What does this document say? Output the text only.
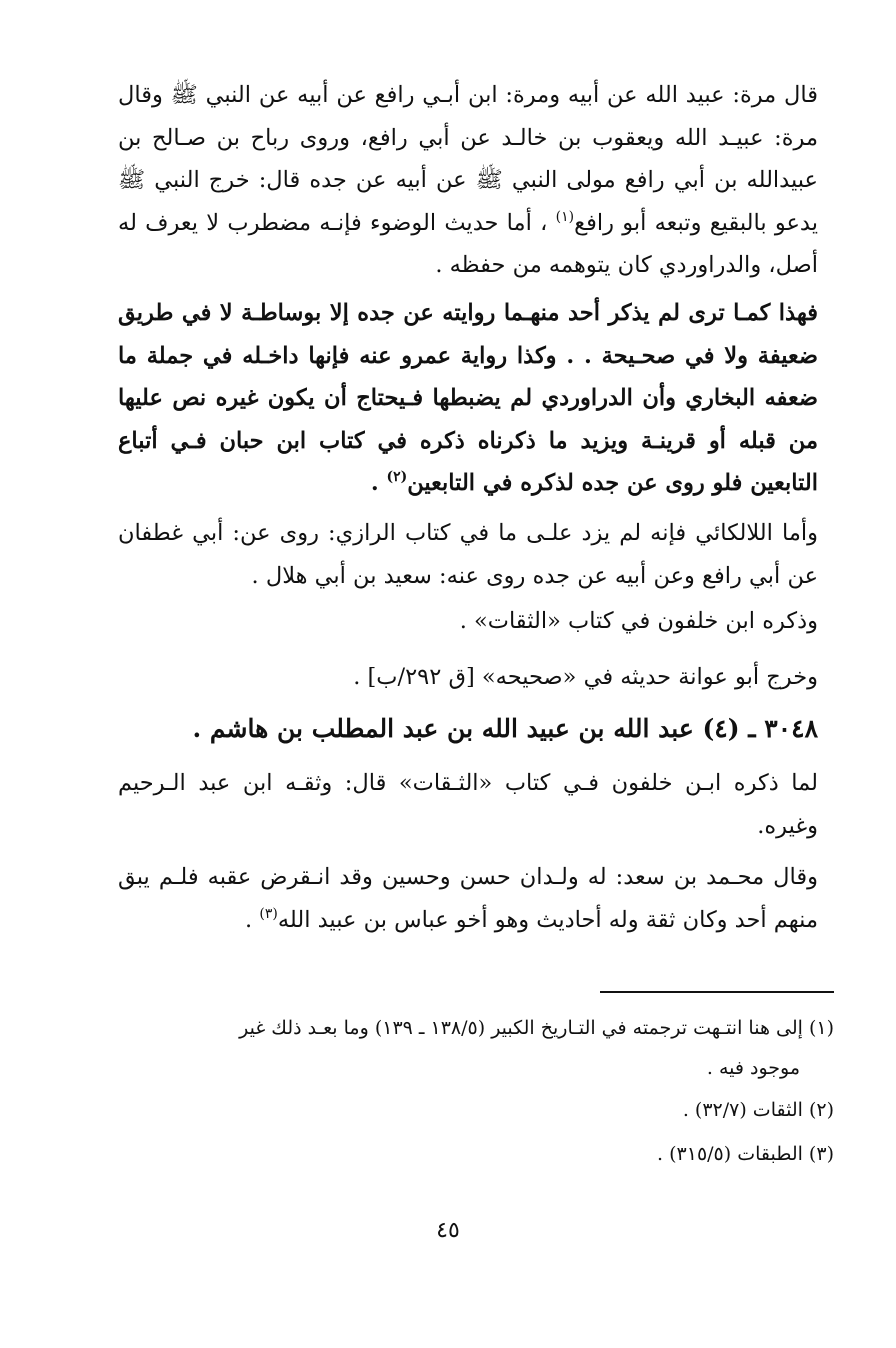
قال مرة: عبيد الله عن أبيه ومرة: ابن أبـي رافع عن أبيه عن النبي ﷺ وقال مرة: عبيـد الله ويعقوب بن خالـد عن أبي رافع، وروى رباح بن صـالح بن عبيدالله بن أبي رافع مولى النبي ﷺ عن أبيه عن جده قال: خرج النبي ﷺ يدعو بالبقيع وتبعه أبو رافع$^{(١)}$ ، أما حديث الوضوء فإنـه مضطرب لا يعرف له أصل، والدراوردي كان يتوهمه من حفظه .
فهذا كمـا ترى لم يذكر أحد منهـما روايته عن جده إلا بوساطـة لا في طريق ضعيفة ولا في صحـيحة . . وكذا رواية عمرو عنه فإنها داخـله في جملة ما ضعفه البخاري وأن الدراوردي لم يضبطها فـيحتاج أن يكون غيره نص عليها من قبله أو قرينـة ويزيد ما ذكرناه ذكره في كتاب ابن حبان فـي أتباع التابعين فلو روى عن جده لذكره في التابعين$^{(٢)}$ .
وأما اللالكائي فإنه لم يزد علـى ما في كتاب الرازي: روى عن: أبي غطفان عن أبي رافع وعن أبيه عن جده روى عنه: سعيد بن أبي هلال .
وذكره ابن خلفون في كتاب «الثقات» .
وخرج أبو عوانة حديثه في «صحيحه» [ق ٢٩٢/ب] .
٣٠٤٨ ـ (٤) عبد الله بن عبيد الله بن عبد المطلب بن هاشم .
لما ذكره ابـن خلفون فـي كتاب «الثـقات» قال: وثقـه ابن عبد الـرحيم وغيره.
وقال محـمد بن سعد: له ولـدان حسن وحسين وقد انـقرض عقبه فلـم يبق منهم أحد وكان ثقة وله أحاديث وهو أخو عباس بن عبيد الله$^{(٣)}$ .
(١) إلى هنا انتـهت ترجمته في التـاريخ الكبير (١٣٨/٥ ـ ١٣٩) وما بعـد ذلك غير
موجود فيه .
(٢) الثقات (٣٢/٧) .
(٣) الطبقات (٣١٥/٥) .
٤٥
